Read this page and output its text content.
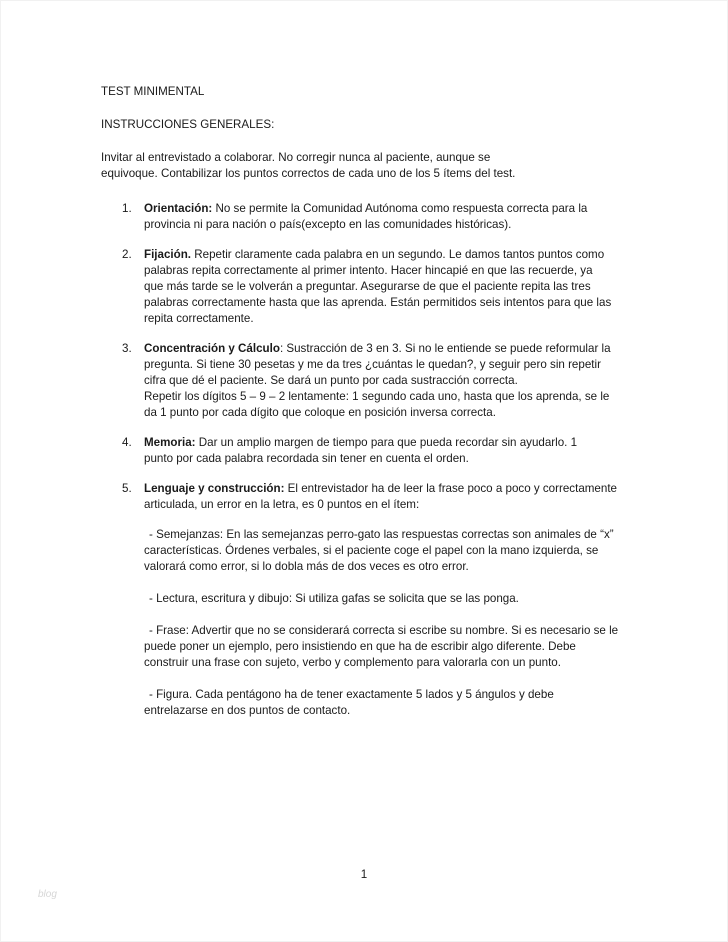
TEST MINIMENTAL

INSTRUCCIONES GENERALES:

Invitar al entrevistado a colaborar. No corregir nunca al paciente, aunque se

equivoque. Contabilizar los puntos correctos de cada uno de los 5 ítems del test.

1. Orientación: No se permite la Comunidad Autónoma como respuesta correcta para la

provincia ni para nación o país(excepto en las comunidades históricas).

2. Fijación. Repetir claramente cada palabra en un segundo. Le damos tantos puntos como

palabras repita correctamente al primer intento. Hacer hincapié en que las recuerde, ya

que más tarde se le volverán a preguntar. Asegurarse de que el paciente repita las tres

palabras correctamente hasta que las aprenda. Están permitidos seis intentos para que las

repita correctamente.

3. Concentración y Cálculo: Sustracción de 3 en 3. Si no le entiende se puede reformular la

pregunta. Si tiene 30 pesetas y me da tres ¿cuántas le quedan?, y seguir pero sin repetir

cifra que dé el paciente. Se dará un punto por cada sustracción correcta.

Repetir los dígitos 5 – 9 – 2 lentamente: 1 segundo cada uno, hasta que los aprenda, se le

da 1 punto por cada dígito que coloque en posición inversa correcta.

4. Memoria: Dar un amplio margen de tiempo para que pueda recordar sin ayudarlo. 1

punto por cada palabra recordada sin tener en cuenta el orden.

5. Lenguaje y construcción: El entrevistador ha de leer la frase poco a poco y correctamente

articulada, un error en la letra, es 0 puntos en el ítem:

- Semejanzas: En las semejanzas perro-gato las respuestas correctas son animales de “x”

características. Órdenes verbales, si el paciente coge el papel con la mano izquierda, se

valorará como error, si lo dobla más de dos veces es otro error.

- Lectura, escritura y dibujo: Si utiliza gafas se solicita que se las ponga.

- Frase: Advertir que no se considerará correcta si escribe su nombre. Si es necesario se le

puede poner un ejemplo, pero insistiendo en que ha de escribir algo diferente. Debe

construir una frase con sujeto, verbo y complemento para valorarla con un punto.

- Figura. Cada pentágono ha de tener exactamente 5 lados y 5 ángulos y debe

entrelazarse en dos puntos de contacto.

1
blog
